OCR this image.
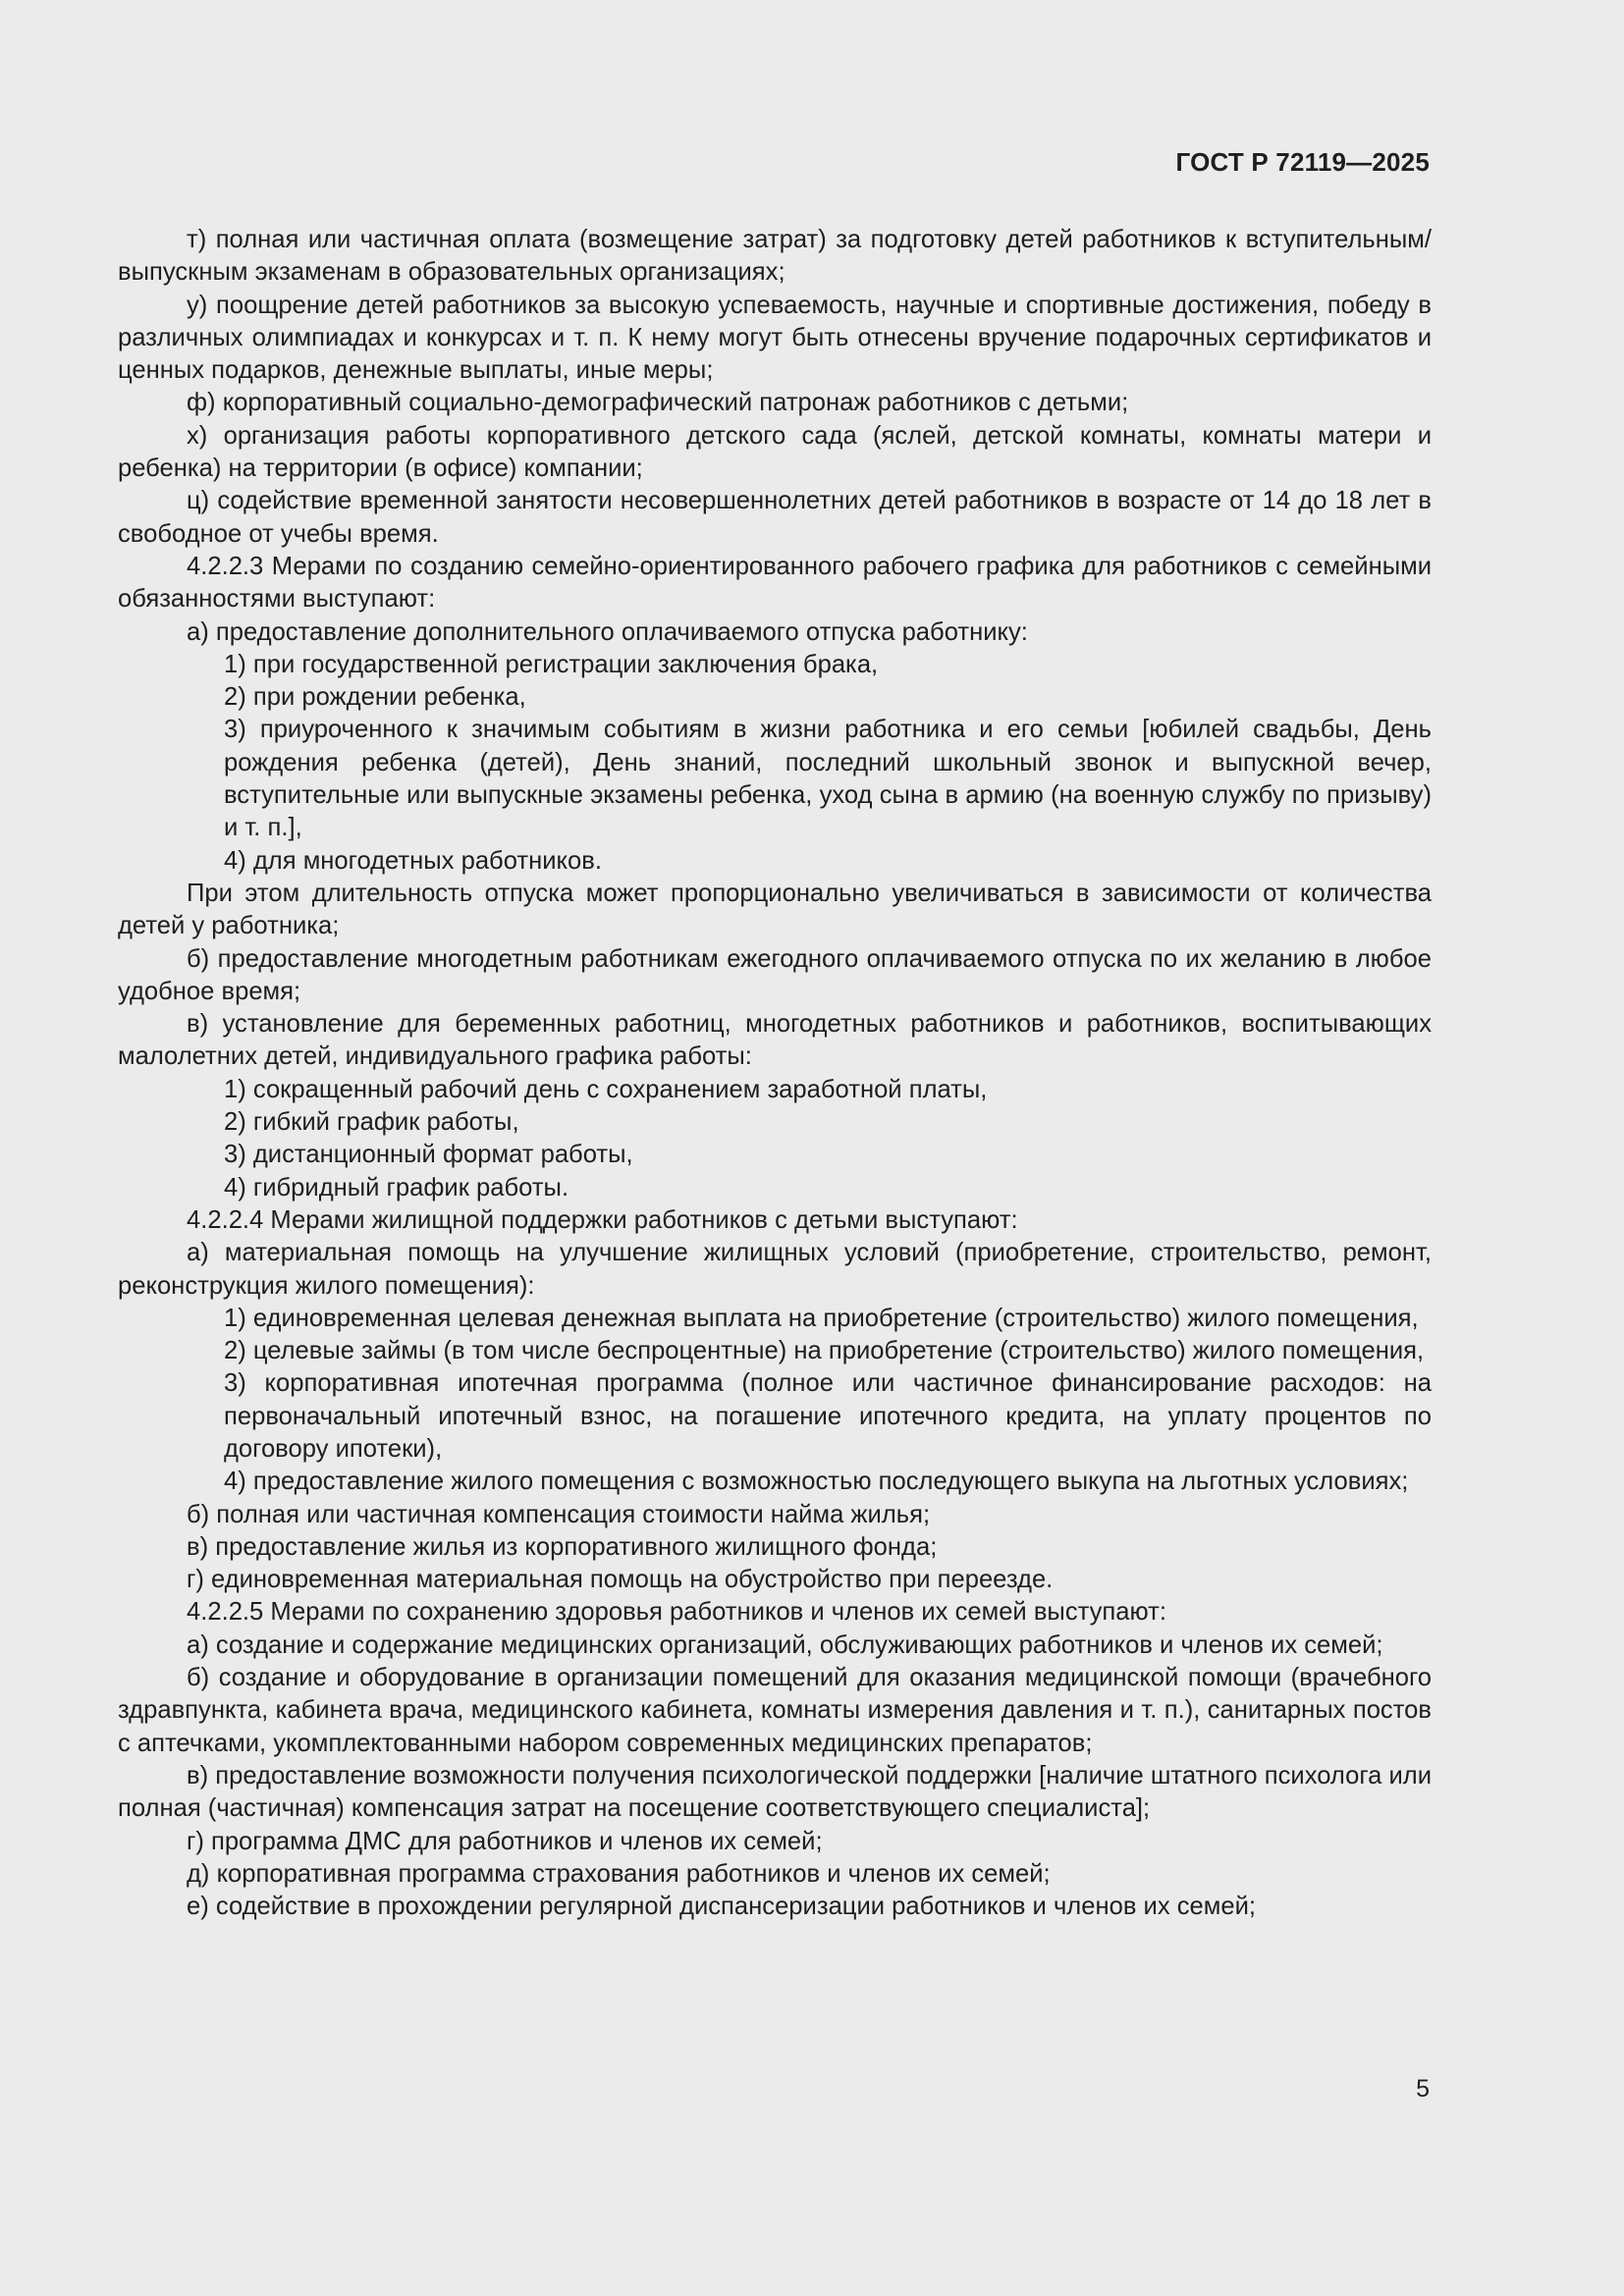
ГОСТ Р 72119—2025

т) полная или частичная оплата (возмещение затрат) за подготовку детей работников к вступительным/выпускным экзаменам в образовательных организациях;

у) поощрение детей работников за высокую успеваемость, научные и спортивные достижения, победу в различных олимпиадах и конкурсах и т. п. К нему могут быть отнесены вручение подарочных сертификатов и ценных подарков, денежные выплаты, иные меры;

ф) корпоративный социально-демографический патронаж работников с детьми;

х) организация работы корпоративного детского сада (яслей, детской комнаты, комнаты матери и ребенка) на территории (в офисе) компании;

ц) содействие временной занятости несовершеннолетних детей работников в возрасте от 14 до 18 лет в свободное от учебы время.

4.2.2.3 Мерами по созданию семейно-ориентированного рабочего графика для работников с семейными обязанностями выступают:

а) предоставление дополнительного оплачиваемого отпуска работнику:

1) при государственной регистрации заключения брака,

2) при рождении ребенка,

3) приуроченного к значимым событиям в жизни работника и его семьи [юбилей свадьбы, День рождения ребенка (детей), День знаний, последний школьный звонок и выпускной вечер, вступительные или выпускные экзамены ребенка, уход сына в армию (на военную службу по призыву) и т. п.],

4) для многодетных работников.

При этом длительность отпуска может пропорционально увеличиваться в зависимости от количества детей у работника;

б) предоставление многодетным работникам ежегодного оплачиваемого отпуска по их желанию в любое удобное время;

в) установление для беременных работниц, многодетных работников и работников, воспитывающих малолетних детей, индивидуального графика работы:

1) сокращенный рабочий день с сохранением заработной платы,

2) гибкий график работы,

3) дистанционный формат работы,

4) гибридный график работы.

4.2.2.4 Мерами жилищной поддержки работников с детьми выступают:

а) материальная помощь на улучшение жилищных условий (приобретение, строительство, ремонт, реконструкция жилого помещения):

1) единовременная целевая денежная выплата на приобретение (строительство) жилого помещения,

2) целевые займы (в том числе беспроцентные) на приобретение (строительство) жилого помещения,

3) корпоративная ипотечная программа (полное или частичное финансирование расходов: на первоначальный ипотечный взнос, на погашение ипотечного кредита, на уплату процентов по договору ипотеки),

4) предоставление жилого помещения с возможностью последующего выкупа на льготных условиях;

б) полная или частичная компенсация стоимости найма жилья;

в) предоставление жилья из корпоративного жилищного фонда;

г) единовременная материальная помощь на обустройство при переезде.

4.2.2.5 Мерами по сохранению здоровья работников и членов их семей выступают:

а) создание и содержание медицинских организаций, обслуживающих работников и членов их семей;

б) создание и оборудование в организации помещений для оказания медицинской помощи (врачебного здравпункта, кабинета врача, медицинского кабинета, комнаты измерения давления и т. п.), санитарных постов с аптечками, укомплектованными набором современных медицинских препаратов;

в) предоставление возможности получения психологической поддержки [наличие штатного психолога или полная (частичная) компенсация затрат на посещение соответствующего специалиста];

г) программа ДМС для работников и членов их семей;

д) корпоративная программа страхования работников и членов их семей;

е) содействие в прохождении регулярной диспансеризации работников и членов их семей;

5
